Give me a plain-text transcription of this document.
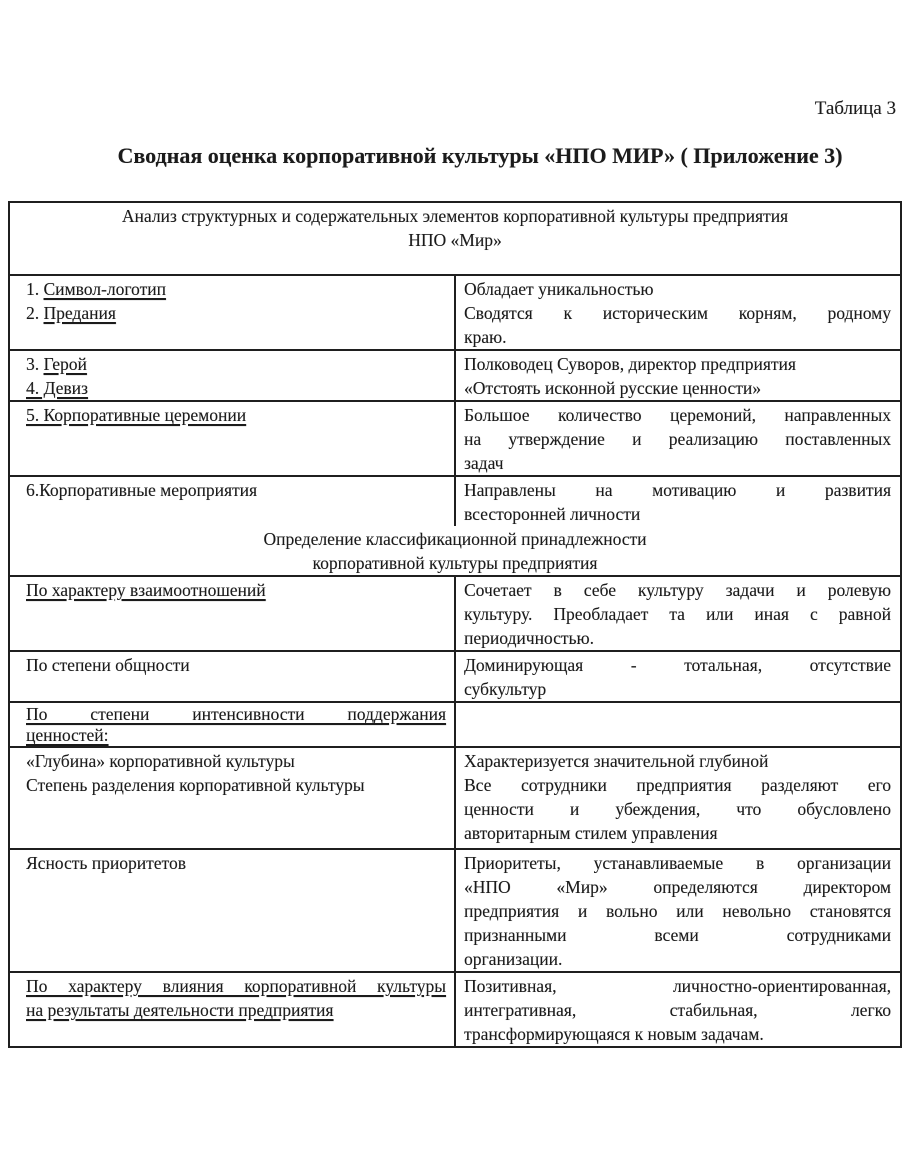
Таблица 3
Сводная оценка корпоративной культуры «НПО МИР» ( Приложение 3)
Анализ структурных и содержательных элементов корпоративной культуры предприятия
НПО «Мир»	

1. Символ-логотип
2. Предания	Обладает уникальностью
Сводятся к историческим корням, родному
краю.

3. Герой
4. Девиз	Полководец Суворов, директор предприятия
«Отстоять исконной русские ценности»

5. Корпоративные церемонии	Большое количество церемоний, направленных
на утверждение и реализацию поставленных
задач

6.Корпоративные мероприятия	Направлены на мотивацию и развития
всесторонней личности

Определение классификационной принадлежности
корпоративной культуры предприятия	

По характеру взаимоотношений	Сочетает в себе культуру задачи и ролевую
культуру. Преобладает та или иная с равной
периодичностью.

По степени общности	Доминирующая - тотальная, отсутствие
субкультур

По степени интенсивности поддержания
ценностей:	

«Глубина» корпоративной культуры
Степень разделения корпоративной культуры	Характеризуется значительной глубиной
Все сотрудники предприятия разделяют его
ценности и убеждения, что обусловлено
авторитарным стилем управления

Ясность приоритетов	Приоритеты, устанавливаемые в организации
«НПО «Мир» определяются директором
предприятия и вольно или невольно становятся
признанными всеми сотрудниками
организации.

По характеру влияния корпоративной культуры
на результаты деятельности предприятия	Позитивная, личностно-ориентированная,
интегративная, стабильная, легко
трансформирующаяся к новым задачам.
